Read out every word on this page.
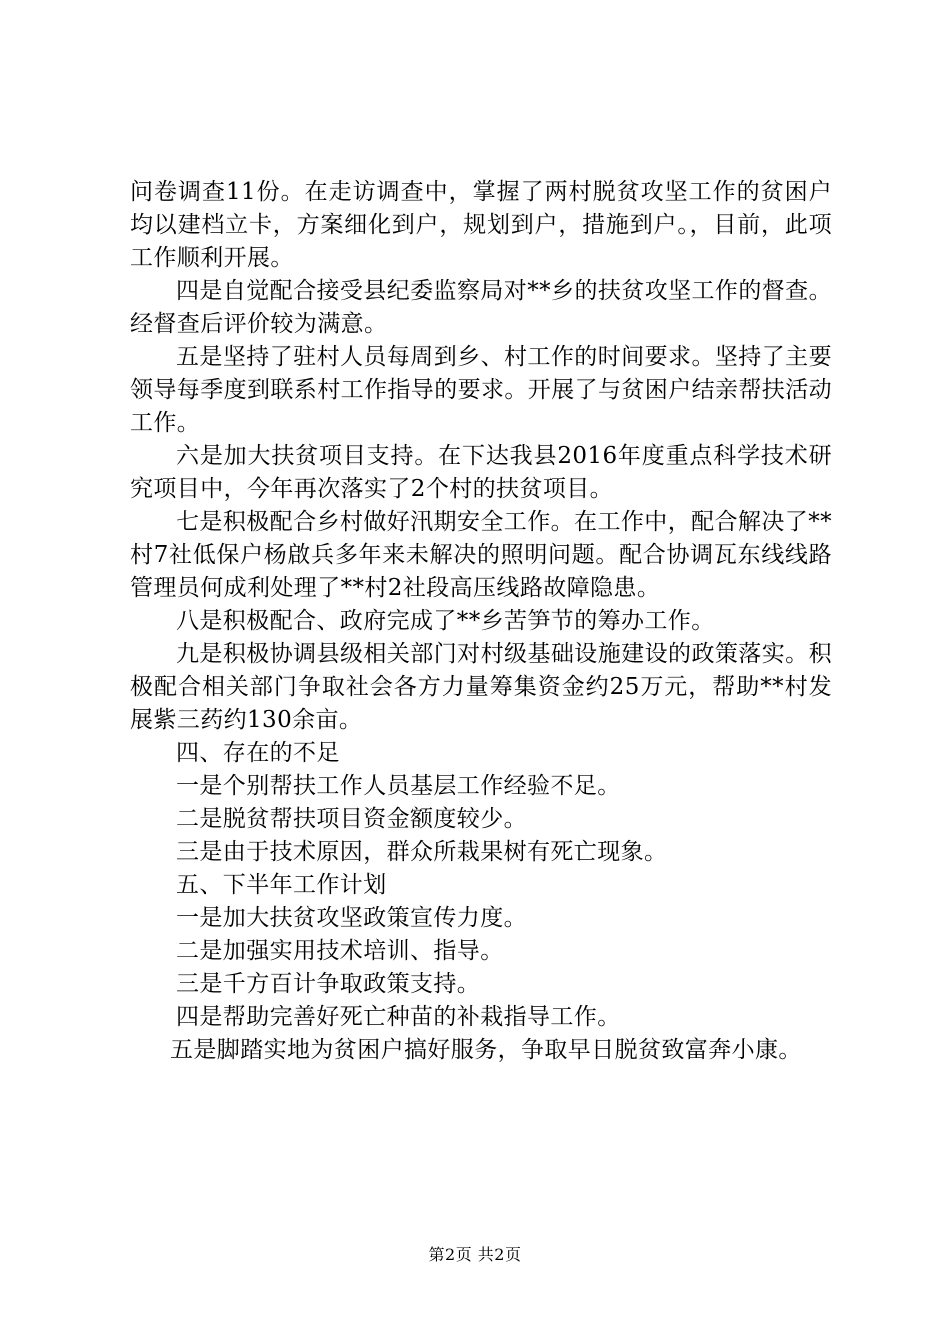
问卷调查11份。在走访调查中，掌握了两村脱贫攻坚工作的贫困户均以建档立卡，方案细化到户，规划到户，措施到户。，目前，此项工作顺利开展。

四是自觉配合接受县纪委监察局对**乡的扶贫攻坚工作的督查。经督查后评价较为满意。

五是坚持了驻村人员每周到乡、村工作的时间要求。坚持了主要领导每季度到联系村工作指导的要求。开展了与贫困户结亲帮扶活动工作。

六是加大扶贫项目支持。在下达我县2016年度重点科学技术研究项目中，今年再次落实了2个村的扶贫项目。

七是积极配合乡村做好汛期安全工作。在工作中，配合解决了**村7社低保户杨啟兵多年来未解决的照明问题。配合协调瓦东线线路管理员何成利处理了**村2社段高压线路故障隐患。

八是积极配合、政府完成了**乡苦笋节的筹办工作。

九是积极协调县级相关部门对村级基础设施建设的政策落实。积极配合相关部门争取社会各方力量筹集资金约25万元，帮助**村发展紫三药约130余亩。

四、存在的不足

一是个别帮扶工作人员基层工作经验不足。

二是脱贫帮扶项目资金额度较少。

三是由于技术原因，群众所栽果树有死亡现象。

五、下半年工作计划

一是加大扶贫攻坚政策宣传力度。

二是加强实用技术培训、指导。

三是千方百计争取政策支持。

四是帮助完善好死亡种苗的补栽指导工作。

五是脚踏实地为贫困户搞好服务，争取早日脱贫致富奔小康。

第2页 共2页
